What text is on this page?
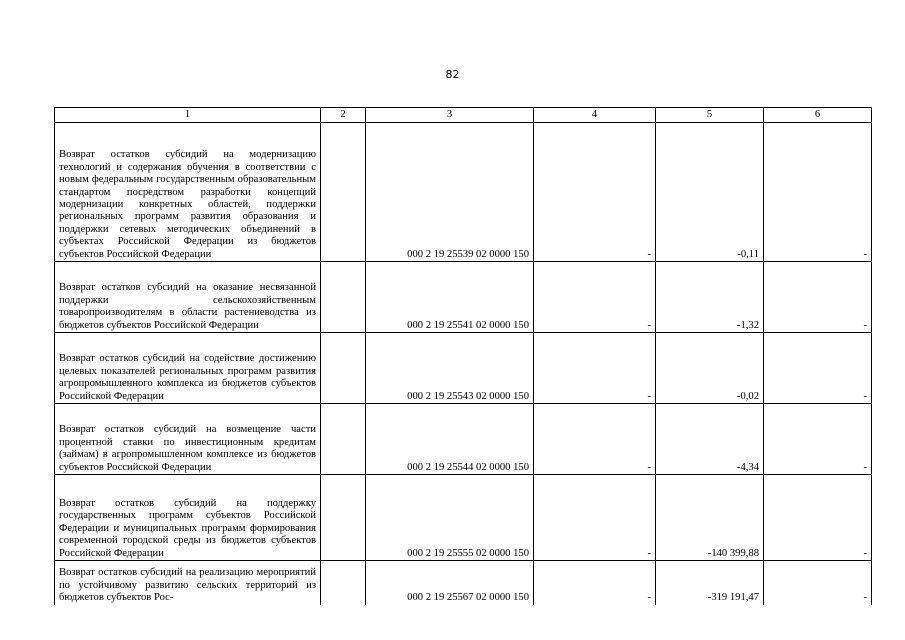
82
1	2	3	4	5	6
Возврат остатков субсидий на модернизацию технологий и содержания обучения в соответствии с новым федеральным государственным образовательным стандартом посредством разработки концепций модернизации конкретных областей, поддержки региональных программ развития образования и поддержки сетевых методических объединений в субъектах Российской Федерации из бюджетов субъектов Российской Федерации		000 2 19 25539 02 0000 150	-	-0,11	-
Возврат остатков субсидий на оказание несвязанной поддержки сельскохозяйственным товаропроизводителям в области растениеводства из бюджетов субъектов Российской Федерации		000 2 19 25541 02 0000 150	-	-1,32	-
Возврат остатков субсидий на содействие достижению целевых показателей региональных программ развития агропромышленного комплекса из бюджетов субъектов Российской Федерации		000 2 19 25543 02 0000 150	-	-0,02	-
Возврат остатков субсидий на возмещение части процентной ставки по инвестиционным кредитам (займам) в агропромышленном комплексе из бюджетов субъектов Российской Федерации		000 2 19 25544 02 0000 150	-	-4,34	-
Возврат остатков субсидий на поддержку государственных программ субъектов Российской Федерации и муниципальных программ формирования современной городской среды из бюджетов субъектов Российской Федерации		000 2 19 25555 02 0000 150	-	-140 399,88	-
Возврат остатков субсидий на реализацию мероприятий по устойчивому развитию сельских территорий из бюджетов субъектов Рос-		000 2 19 25567 02 0000 150	-	-319 191,47	-
